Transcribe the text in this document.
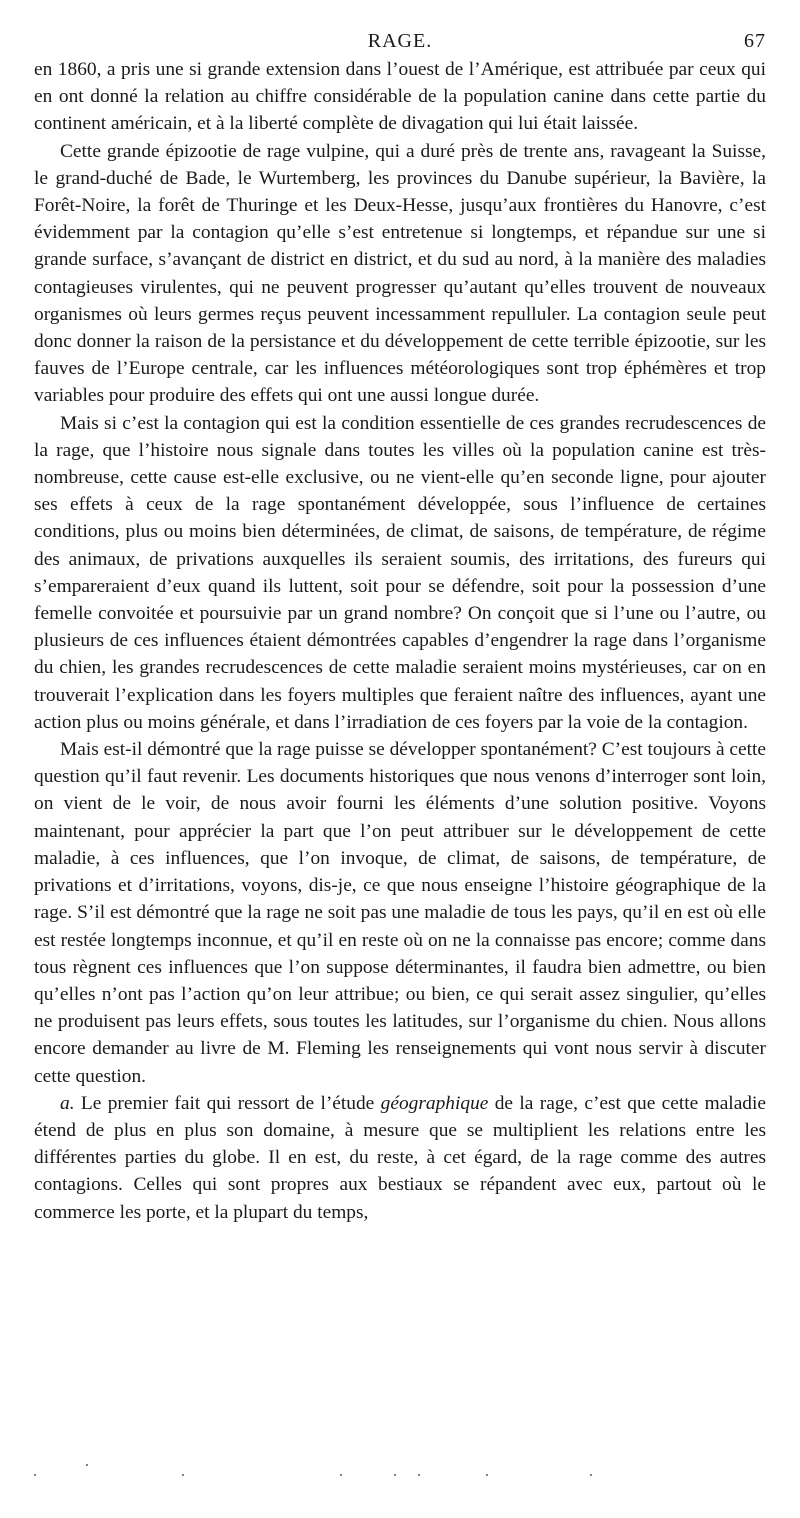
RAGE.	67

en 1860, a pris une si grande extension dans l’ouest de l’Amérique, est attribuée par ceux qui en ont donné la relation au chiffre considérable de la population canine dans cette partie du continent américain, et à la liberté complète de divagation qui lui était laissée.

Cette grande épizootie de rage vulpine, qui a duré près de trente ans, ravageant la Suisse, le grand-duché de Bade, le Wurtemberg, les provinces du Danube supérieur, la Bavière, la Forêt-Noire, la forêt de Thuringe et les Deux-Hesse, jusqu’aux frontières du Hanovre, c’est évidemment par la contagion qu’elle s’est entretenue si longtemps, et répandue sur une si grande surface, s’avançant de district en district, et du sud au nord, à la manière des maladies contagieuses virulentes, qui ne peuvent progresser qu’autant qu’elles trouvent de nouveaux organismes où leurs germes reçus peuvent incessamment repulluler. La contagion seule peut donc donner la raison de la persistance et du développement de cette terrible épizootie, sur les fauves de l’Europe centrale, car les influences météorologiques sont trop éphémères et trop variables pour produire des effets qui ont une aussi longue durée.

Mais si c’est la contagion qui est la condition essentielle de ces grandes recrudescences de la rage, que l’histoire nous signale dans toutes les villes où la population canine est très-nombreuse, cette cause est-elle exclusive, ou ne vient-elle qu’en seconde ligne, pour ajouter ses effets à ceux de la rage spontanément développée, sous l’influence de certaines conditions, plus ou moins bien déterminées, de climat, de saisons, de température, de régime des animaux, de privations auxquelles ils seraient soumis, des irritations, des fureurs qui s’empareraient d’eux quand ils luttent, soit pour se défendre, soit pour la possession d’une femelle convoitée et poursuivie par un grand nombre? On conçoit que si l’une ou l’autre, ou plusieurs de ces influences étaient démontrées capables d’engendrer la rage dans l’organisme du chien, les grandes recrudescences de cette maladie seraient moins mystérieuses, car on en trouverait l’explication dans les foyers multiples que feraient naître des influences, ayant une action plus ou moins générale, et dans l’irradiation de ces foyers par la voie de la contagion.

Mais est-il démontré que la rage puisse se développer spontanément? C’est toujours à cette question qu’il faut revenir. Les documents historiques que nous venons d’interroger sont loin, on vient de le voir, de nous avoir fourni les éléments d’une solution positive. Voyons maintenant, pour apprécier la part que l’on peut attribuer sur le développement de cette maladie, à ces influences, que l’on invoque, de climat, de saisons, de température, de privations et d’irritations, voyons, dis-je, ce que nous enseigne l’histoire géographique de la rage. S’il est démontré que la rage ne soit pas une maladie de tous les pays, qu’il en est où elle est restée longtemps inconnue, et qu’il en reste où on ne la connaisse pas encore; comme dans tous règnent ces influences que l’on suppose déterminantes, il faudra bien admettre, ou bien qu’elles n’ont pas l’action qu’on leur attribue; ou bien, ce qui serait assez singulier, qu’elles ne produisent pas leurs effets, sous toutes les latitudes, sur l’organisme du chien. Nous allons encore demander au livre de M. Fleming les renseignements qui vont nous servir à discuter cette question.

a. Le premier fait qui ressort de l’étude géographique de la rage, c’est que cette maladie étend de plus en plus son domaine, à mesure que se multiplient les relations entre les différentes parties du globe. Il en est, du reste, à cet égard, de la rage comme des autres contagions. Celles qui sont propres aux bestiaux se répandent avec eux, partout où le commerce les porte, et la plupart du temps,
